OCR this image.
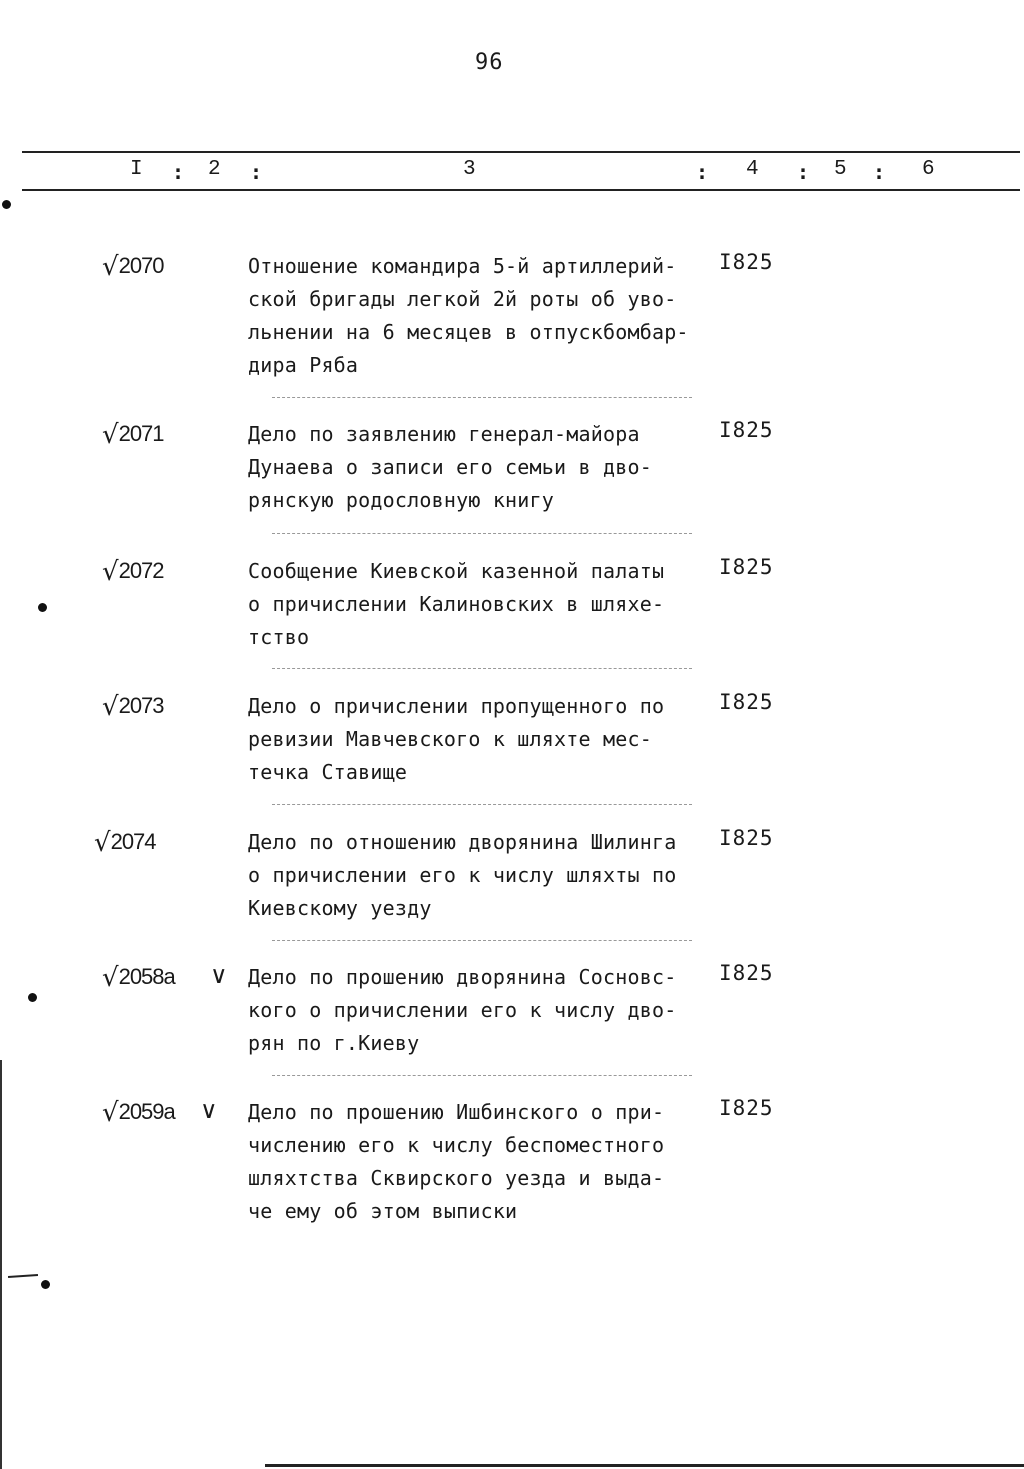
96
I : 2 :	3	: 4 : 5 : 6
√2070	Отношение командира 5-й артиллерий-
ской бригады легкой 2й роты об уво-
льнении на 6 месяцев в отпускбомбар-
дира Ряба
I825
√2071	Дело по заявлению генерал-майора
Дунаева о записи его семьи в дво-
рянскую родословную книгу
I825
√2072	Сообщение Киевской казенной палаты
о причислении Калиновских в шляхе-
тство
I825
√2073	Дело о причислении пропущенного по
ревизии Мавчевского к шляхте мес-
течка Ставище
I825
√2074	Дело по отношению дворянина Шилинга
о причислении его к числу шляхты по
Киевскому уезду
I825
√2058а ∨ Дело по прошению дворянина Сосновс-
кого о причислении его к числу дво-
рян по г.Киеву
I825
√2059а ∨ Дело по прошению Ишбинского о при-
числению его к числу беспоместного
шляхтства Сквирского уезда и выда-
че ему об этом выписки
I825
